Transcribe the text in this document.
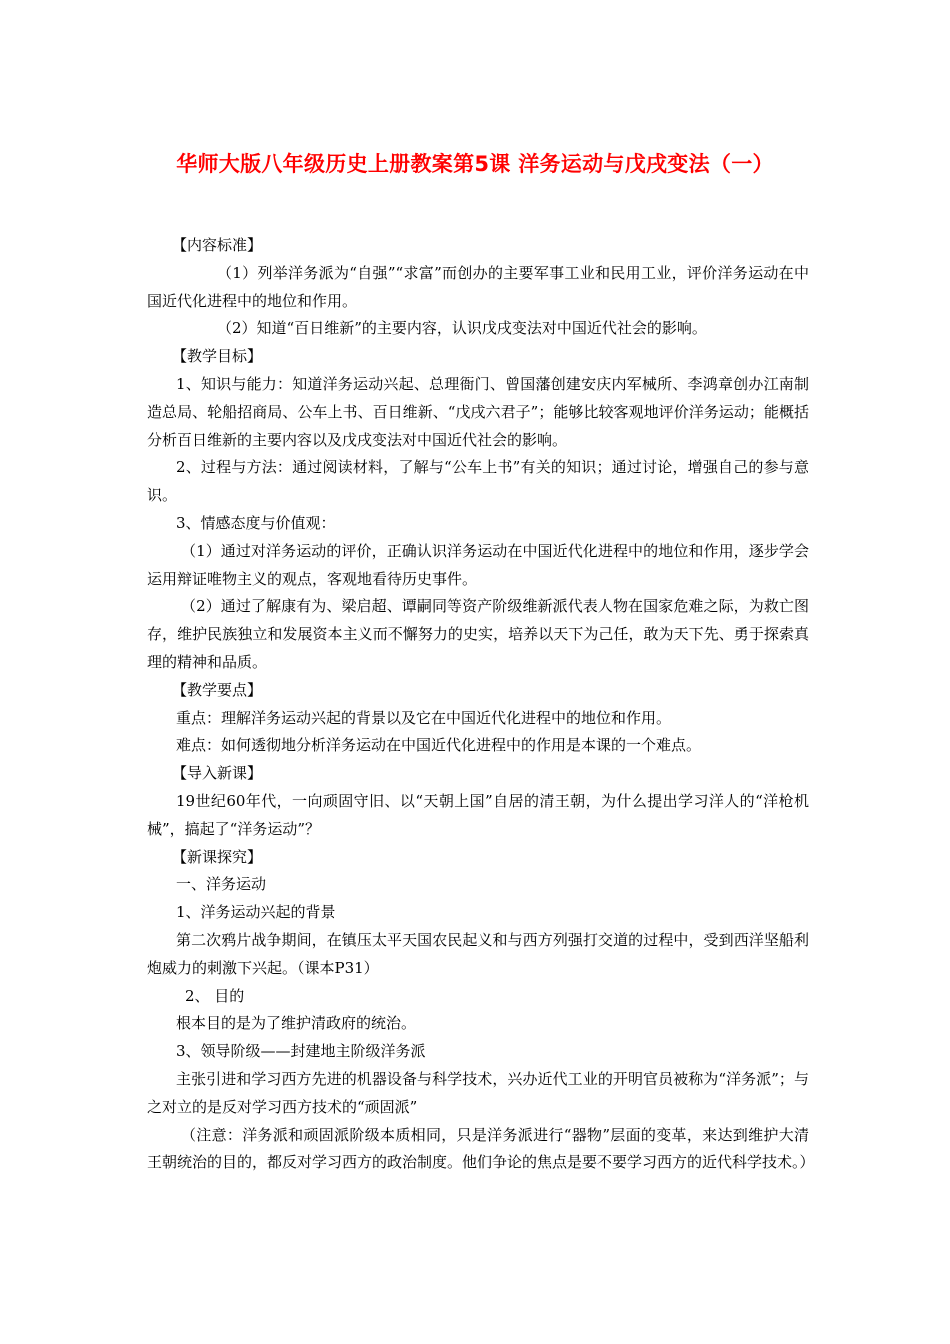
华师大版八年级历史上册教案第5课 洋务运动与戊戌变法（一）

【内容标准】

（1）列举洋务派为“自强”“求富”而创办的主要军事工业和民用工业，评价洋务运动在中国近代化进程中的地位和作用。

（2）知道“百日维新”的主要内容，认识戊戌变法对中国近代社会的影响。

【教学目标】

1、知识与能力：知道洋务运动兴起、总理衙门、曾国藩创建安庆内军械所、李鸿章创办江南制造总局、轮船招商局、公车上书、百日维新、“戊戌六君子”；能够比较客观地评价洋务运动；能概括分析百日维新的主要内容以及戊戌变法对中国近代社会的影响。

2、过程与方法：通过阅读材料，了解与“公车上书”有关的知识；通过讨论，增强自己的参与意识。

3、情感态度与价值观：

（1）通过对洋务运动的评价，正确认识洋务运动在中国近代化进程中的地位和作用，逐步学会运用辩证唯物主义的观点，客观地看待历史事件。

（2）通过了解康有为、梁启超、谭嗣同等资产阶级维新派代表人物在国家危难之际，为救亡图存，维护民族独立和发展资本主义而不懈努力的史实，培养以天下为己任，敢为天下先、勇于探索真理的精神和品质。

【教学要点】

重点：理解洋务运动兴起的背景以及它在中国近代化进程中的地位和作用。

难点：如何透彻地分析洋务运动在中国近代化进程中的作用是本课的一个难点。

【导入新课】

19世纪60年代，一向顽固守旧、以“天朝上国”自居的清王朝，为什么提出学习洋人的“洋枪机械”，搞起了“洋务运动”？

【新课探究】

一、洋务运动

1、洋务运动兴起的背景

第二次鸦片战争期间，在镇压太平天国农民起义和与西方列强打交道的过程中，受到西洋坚船利炮威力的刺激下兴起。（课本P31）

2、 目的

根本目的是为了维护清政府的统治。

3、领导阶级——封建地主阶级洋务派

主张引进和学习西方先进的机器设备与科学技术，兴办近代工业的开明官员被称为“洋务派”；与之对立的是反对学习西方技术的“顽固派”

（注意：洋务派和顽固派阶级本质相同，只是洋务派进行“器物”层面的变革，来达到维护大清王朝统治的目的，都反对学习西方的政治制度。他们争论的焦点是要不要学习西方的近代科学技术。）
